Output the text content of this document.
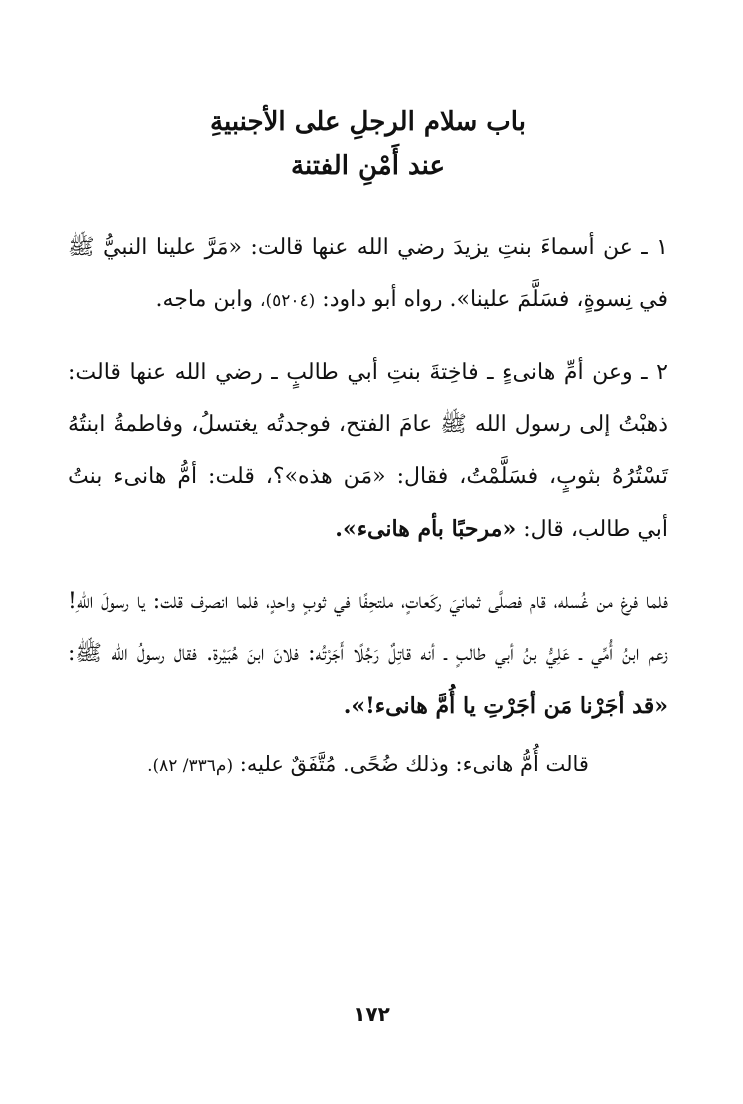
باب سلام الرجلِ على الأجنبيةِ

عند أَمْنِ الفتنة

١ ـ عن أسماءَ بنتِ يزيدَ رضي الله عنها قالت: «مَرَّ علينا النبيُّ ﷺ في نِسوةٍ، فسَلَّمَ علينا». رواه أبو داود: (٥٢٠٤)، وابن ماجه.

٢ ـ وعن أمِّ هانىءٍ ـ فاخِتةَ بنتِ أبي طالبٍ ـ رضي الله عنها قالت: ذهبْتُ إلى رسول الله ﷺ عامَ الفتح، فوجدتُه يغتسلُ، وفاطمةُ ابنتُهُ تَسْتُرُهُ بثوبٍ، فسَلَّمْتُ، فقال: «مَن هذه»؟، قلت: أمُّ هانىء بنتُ أبي طالب، قال: «مرحبًا بأم هانىء».

فلما فرغ من غُسله، قام فصلَّى ثمانيَ ركَعاتٍ، ملتحِفًا في ثوبٍ واحدٍ، فلما انصرف قلت: يا رسولَ اللهِ! زعم ابنُ أُمِّي ـ عَلِيُّ بنُ أبي طالبٍ ـ أنه قاتِلٌ رَجُلًا أَجَرْتُه: فلانَ ابنَ هُبَيْرة. فقال رسولُ الله ﷺ: «قد أجَرْنا مَن أجَرْتِ يا أُمَّ هانىء!».

قالت أُمُّ هانىء: وذلك ضُحًى. مُتَّفَقٌ عليه: (م٣٣٦/ ٨٢).

١٧٢
